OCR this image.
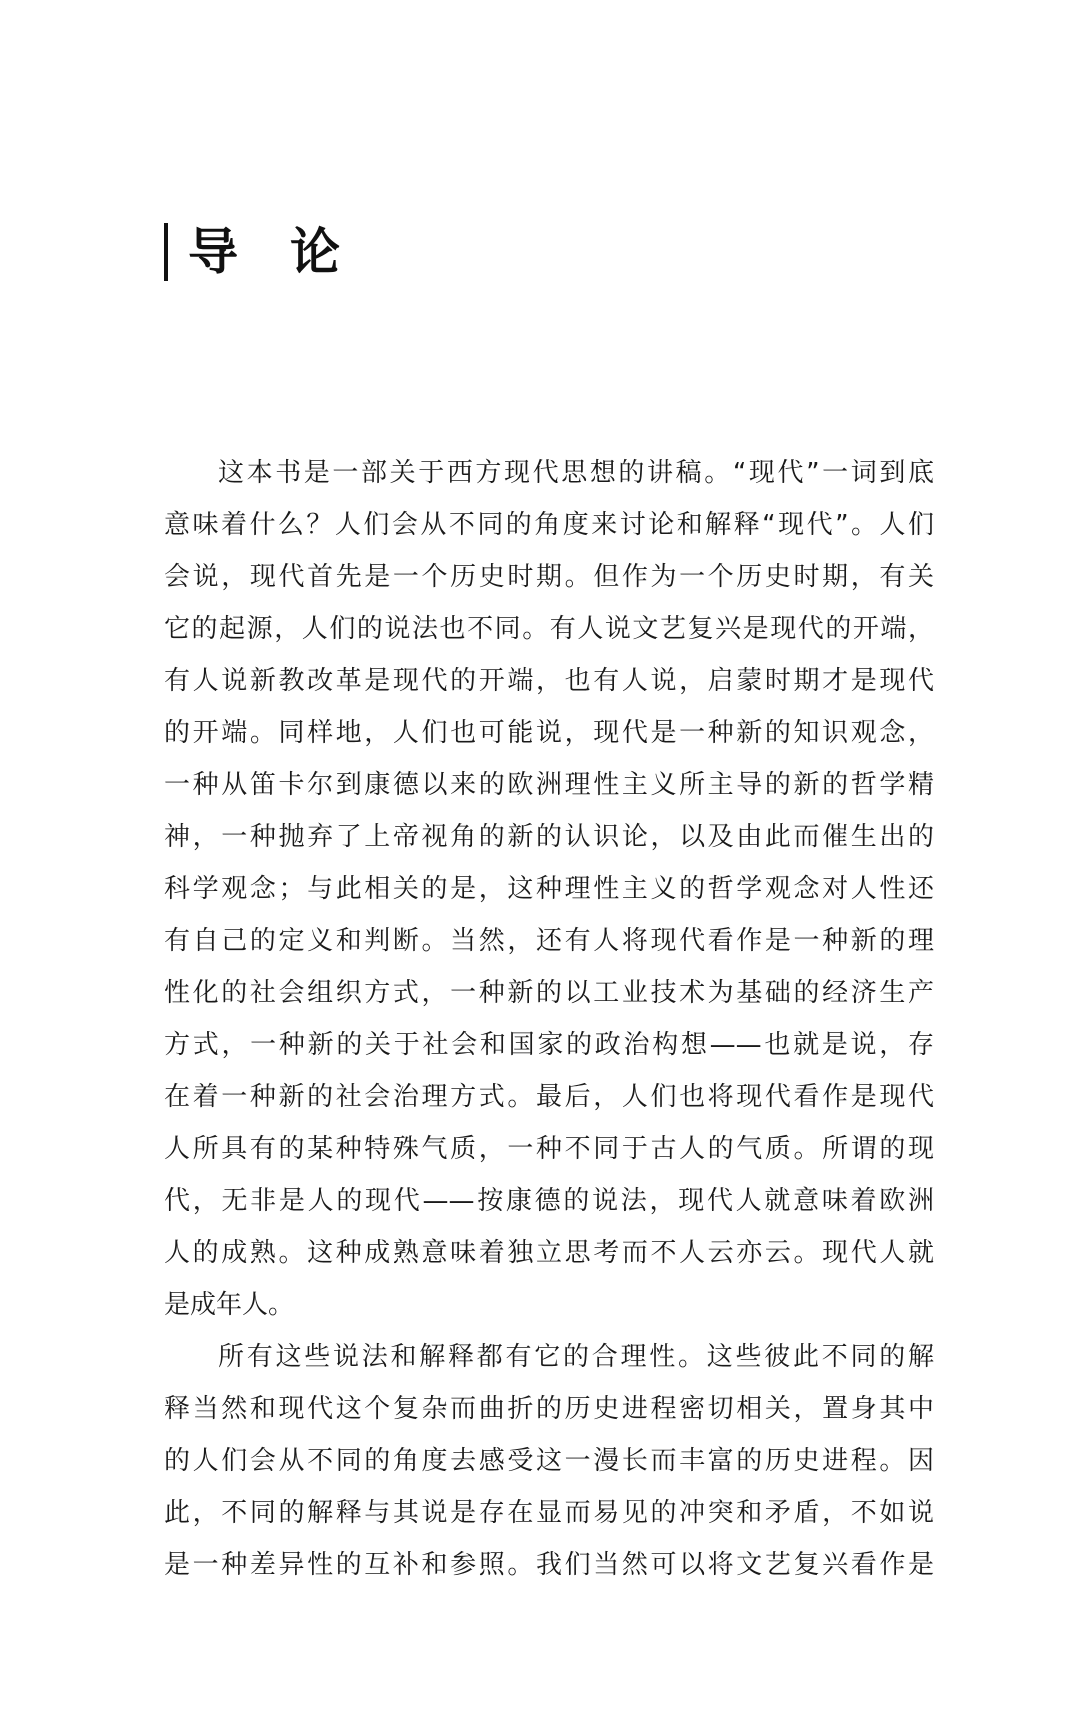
导论
这本书是一部关于西方现代思想的讲稿。“现代”一词到底
意味着什么？人们会从不同的角度来讨论和解释“现代”。人们
会说，现代首先是一个历史时期。但作为一个历史时期，有关
它的起源，人们的说法也不同。有人说文艺复兴是现代的开端，
有人说新教改革是现代的开端，也有人说，启蒙时期才是现代
的开端。同样地，人们也可能说，现代是一种新的知识观念，
一种从笛卡尔到康德以来的欧洲理性主义所主导的新的哲学精
神，一种抛弃了上帝视角的新的认识论，以及由此而催生出的
科学观念；与此相关的是，这种理性主义的哲学观念对人性还
有自己的定义和判断。当然，还有人将现代看作是一种新的理
性化的社会组织方式，一种新的以工业技术为基础的经济生产
方式，一种新的关于社会和国家的政治构想——也就是说，存
在着一种新的社会治理方式。最后，人们也将现代看作是现代
人所具有的某种特殊气质，一种不同于古人的气质。所谓的现
代，无非是人的现代——按康德的说法，现代人就意味着欧洲
人的成熟。这种成熟意味着独立思考而不人云亦云。现代人就
是成年人。
所有这些说法和解释都有它的合理性。这些彼此不同的解
释当然和现代这个复杂而曲折的历史进程密切相关，置身其中
的人们会从不同的角度去感受这一漫长而丰富的历史进程。因
此，不同的解释与其说是存在显而易见的冲突和矛盾，不如说
是一种差异性的互补和参照。我们当然可以将文艺复兴看作是
